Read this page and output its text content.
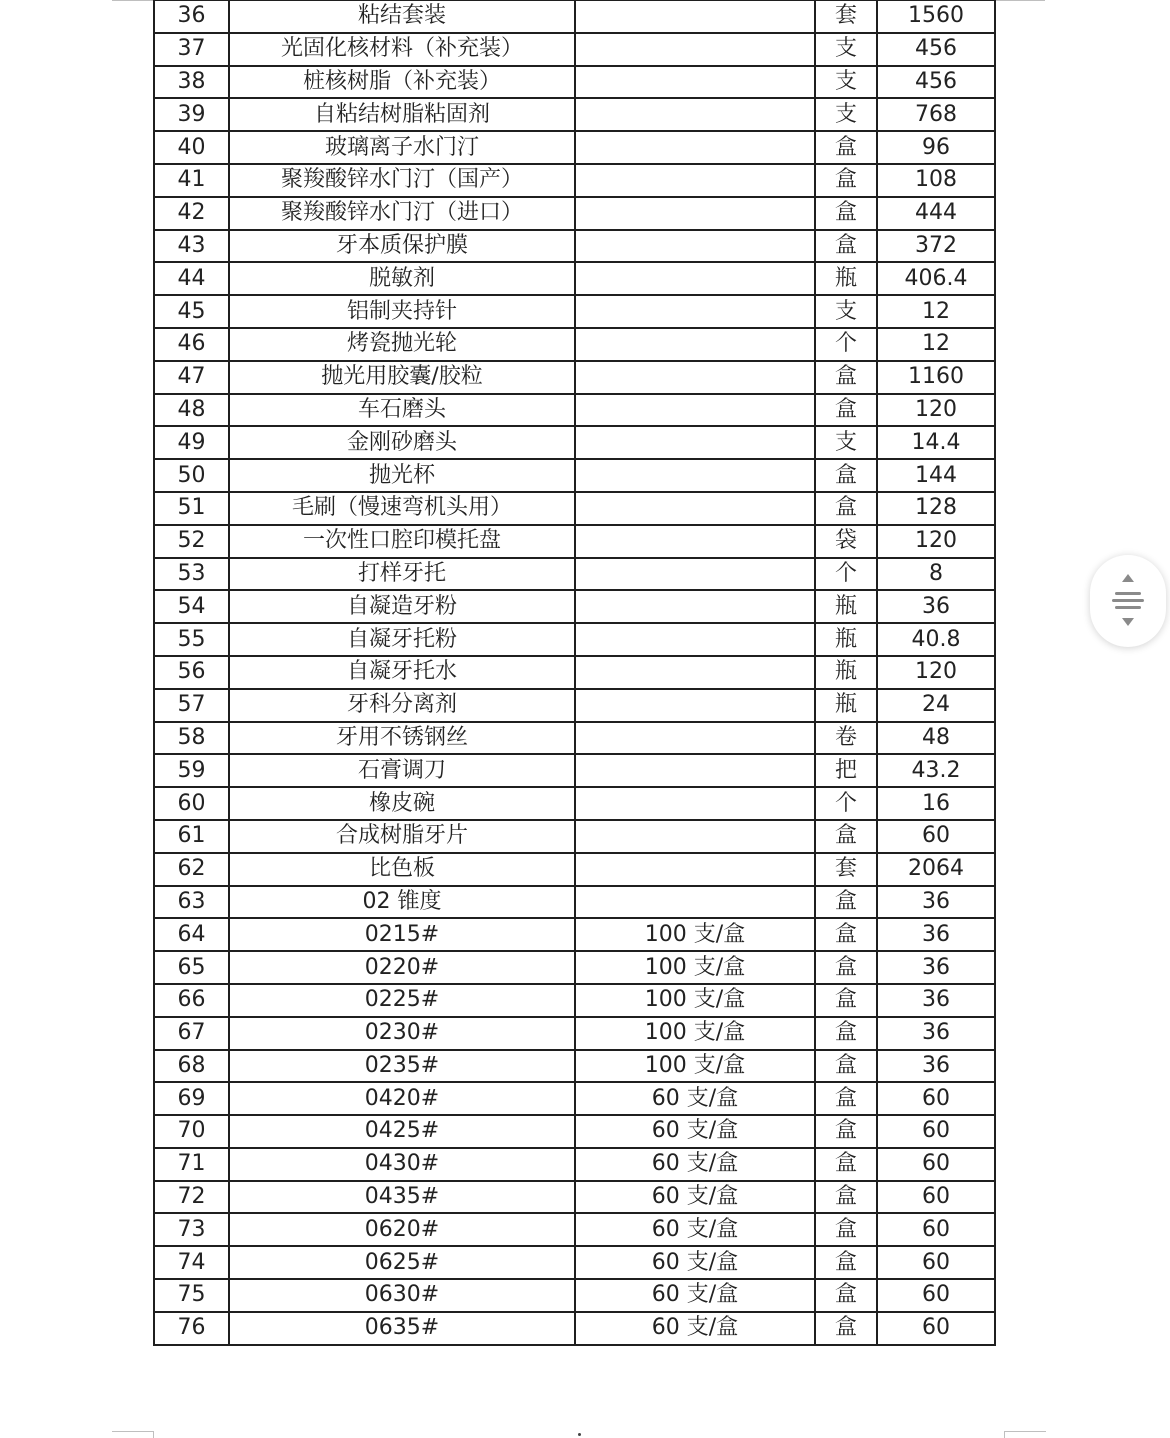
36	粘结套装		套	1560
37	光固化核材料（补充装）		支	456
38	桩核树脂（补充装）		支	456
39	自粘结树脂粘固剂		支	768
40	玻璃离子水门汀		盒	96
41	聚羧酸锌水门汀（国产）		盒	108
42	聚羧酸锌水门汀（进口）		盒	444
43	牙本质保护膜		盒	372
44	脱敏剂		瓶	406.4
45	铝制夹持针		支	12
46	烤瓷抛光轮		个	12
47	抛光用胶囊/胶粒		盒	1160
48	车石磨头		盒	120
49	金刚砂磨头		支	14.4
50	抛光杯		盒	144
51	毛刷（慢速弯机头用）		盒	128
52	一次性口腔印模托盘		袋	120
53	打样牙托		个	8
54	自凝造牙粉		瓶	36
55	自凝牙托粉		瓶	40.8
56	自凝牙托水		瓶	120
57	牙科分离剂		瓶	24
58	牙用不锈钢丝		卷	48
59	石膏调刀		把	43.2
60	橡皮碗		个	16
61	合成树脂牙片		盒	60
62	比色板		套	2064
63	02 锥度		盒	36
64	0215#	100 支/盒	盒	36
65	0220#	100 支/盒	盒	36
66	0225#	100 支/盒	盒	36
67	0230#	100 支/盒	盒	36
68	0235#	100 支/盒	盒	36
69	0420#	60 支/盒	盒	60
70	0425#	60 支/盒	盒	60
71	0430#	60 支/盒	盒	60
72	0435#	60 支/盒	盒	60
73	0620#	60 支/盒	盒	60
74	0625#	60 支/盒	盒	60
75	0630#	60 支/盒	盒	60
76	0635#	60 支/盒	盒	60
